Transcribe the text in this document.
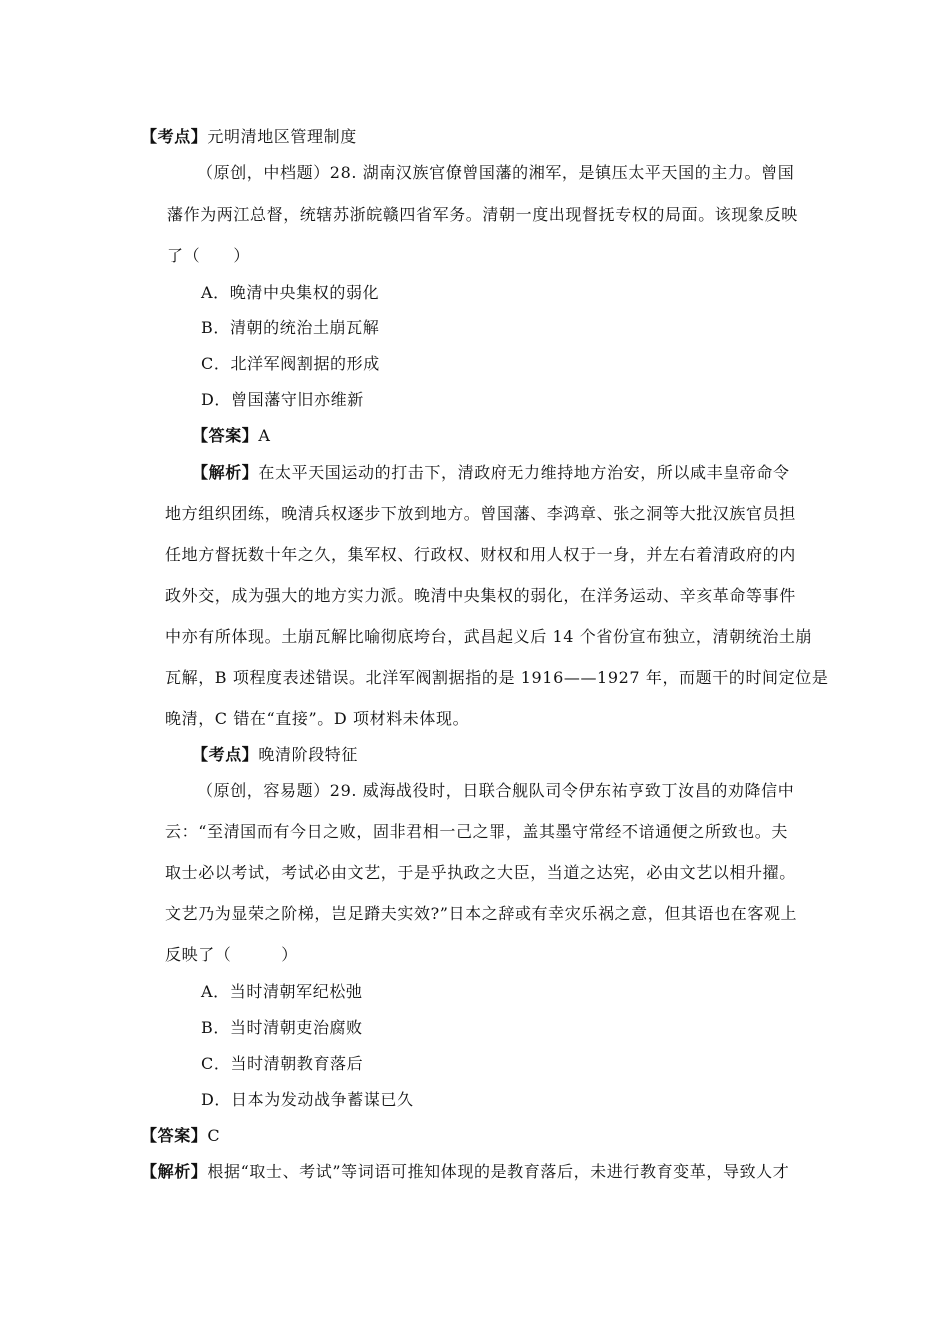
【考点】元明清地区管理制度
（原创，中档题）28. 湖南汉族官僚曾国藩的湘军，是镇压太平天国的主力。曾国
藩作为两江总督，统辖苏浙皖赣四省军务。清朝一度出现督抚专权的局面。该现象反映
了（　　）
A．晚清中央集权的弱化
B．清朝的统治土崩瓦解
C．北洋军阀割据的形成
D．曾国藩守旧亦维新
【答案】A
【解析】在太平天国运动的打击下，清政府无力维持地方治安，所以咸丰皇帝命令
地方组织团练，晚清兵权逐步下放到地方。曾国藩、李鸿章、张之洞等大批汉族官员担
任地方督抚数十年之久，集军权、行政权、财权和用人权于一身，并左右着清政府的内
政外交，成为强大的地方实力派。晚清中央集权的弱化，在洋务运动、辛亥革命等事件
中亦有所体现。土崩瓦解比喻彻底垮台，武昌起义后 14 个省份宣布独立，清朝统治土崩
瓦解，B 项程度表述错误。北洋军阀割据指的是 1916——1927 年，而题干的时间定位是
晚清，C 错在“直接”。D 项材料未体现。
【考点】晚清阶段特征
（原创，容易题）29. 威海战役时，日联合舰队司令伊东祐亨致丁汝昌的劝降信中
云：“至清国而有今日之败，固非君相一己之罪，盖其墨守常经不谙通便之所致也。夫
取士必以考试，考试必由文艺，于是乎执政之大臣，当道之达宪，必由文艺以相升擢。
文艺乃为显荣之阶梯，岂足蹐夫实效?”日本之辞或有幸灾乐祸之意，但其语也在客观上
反映了（　　　）
A．当时清朝军纪松弛
B．当时清朝吏治腐败
C．当时清朝教育落后
D．日本为发动战争蓄谋已久
【答案】C
【解析】根据“取士、考试”等词语可推知体现的是教育落后，未进行教育变革，导致人才
